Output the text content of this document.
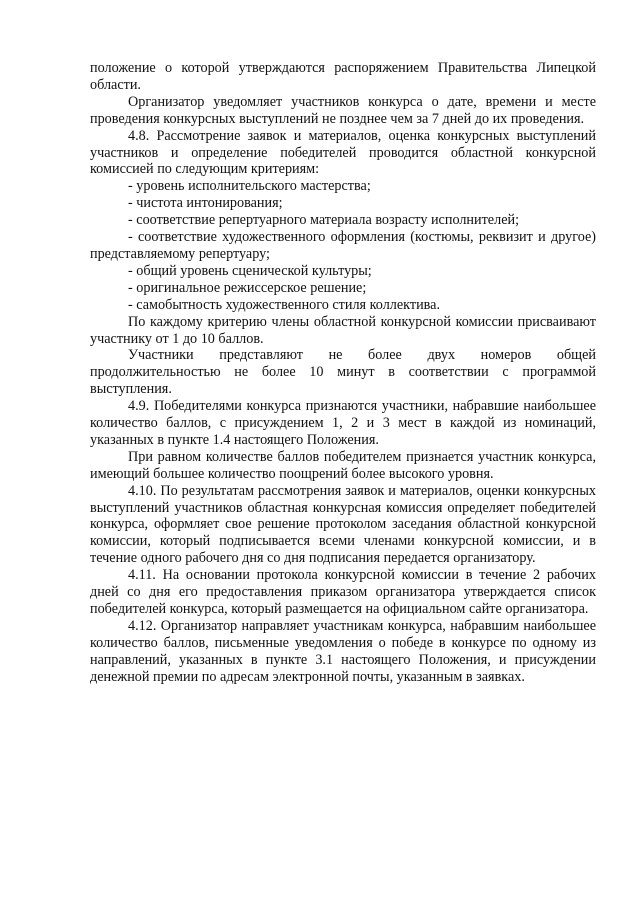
положение о которой утверждаются распоряжением Правительства Липецкой области.

Организатор уведомляет участников конкурса о дате, времени и месте проведения конкурсных выступлений не позднее чем за 7 дней до их проведения.

4.8. Рассмотрение заявок и материалов, оценка конкурсных выступлений участников и определение победителей проводится областной конкурсной комиссией по следующим критериям:

- уровень исполнительского мастерства;

- чистота интонирования;

- соответствие репертуарного материала возрасту исполнителей;

- соответствие художественного оформления (костюмы, реквизит и другое) представляемому репертуару;

- общий уровень сценической культуры;

- оригинальное режиссерское решение;

- самобытность художественного стиля коллектива.

По каждому критерию члены областной конкурсной комиссии присваивают участнику от 1 до 10 баллов.

Участники представляют не более двух номеров общей продолжительностью не более 10 минут в соответствии с программой выступления.

4.9. Победителями конкурса признаются участники, набравшие наибольшее количество баллов, с присуждением 1, 2 и 3 мест в каждой из номинаций, указанных в пункте 1.4 настоящего Положения.

При равном количестве баллов победителем признается участник конкурса, имеющий большее количество поощрений более высокого уровня.

4.10. По результатам рассмотрения заявок и материалов, оценки конкурсных выступлений участников областная конкурсная комиссия определяет победителей конкурса, оформляет свое решение протоколом заседания областной конкурсной комиссии, который подписывается всеми членами конкурсной комиссии, и в течение одного рабочего дня со дня подписания передается организатору.

4.11. На основании протокола конкурсной комиссии в течение 2 рабочих дней со дня его предоставления приказом организатора утверждается список победителей конкурса, который размещается на официальном сайте организатора.

4.12. Организатор направляет участникам конкурса, набравшим наибольшее количество баллов, письменные уведомления о победе в конкурсе по одному из направлений, указанных в пункте 3.1 настоящего Положения, и присуждении денежной премии по адресам электронной почты, указанным в заявках.
